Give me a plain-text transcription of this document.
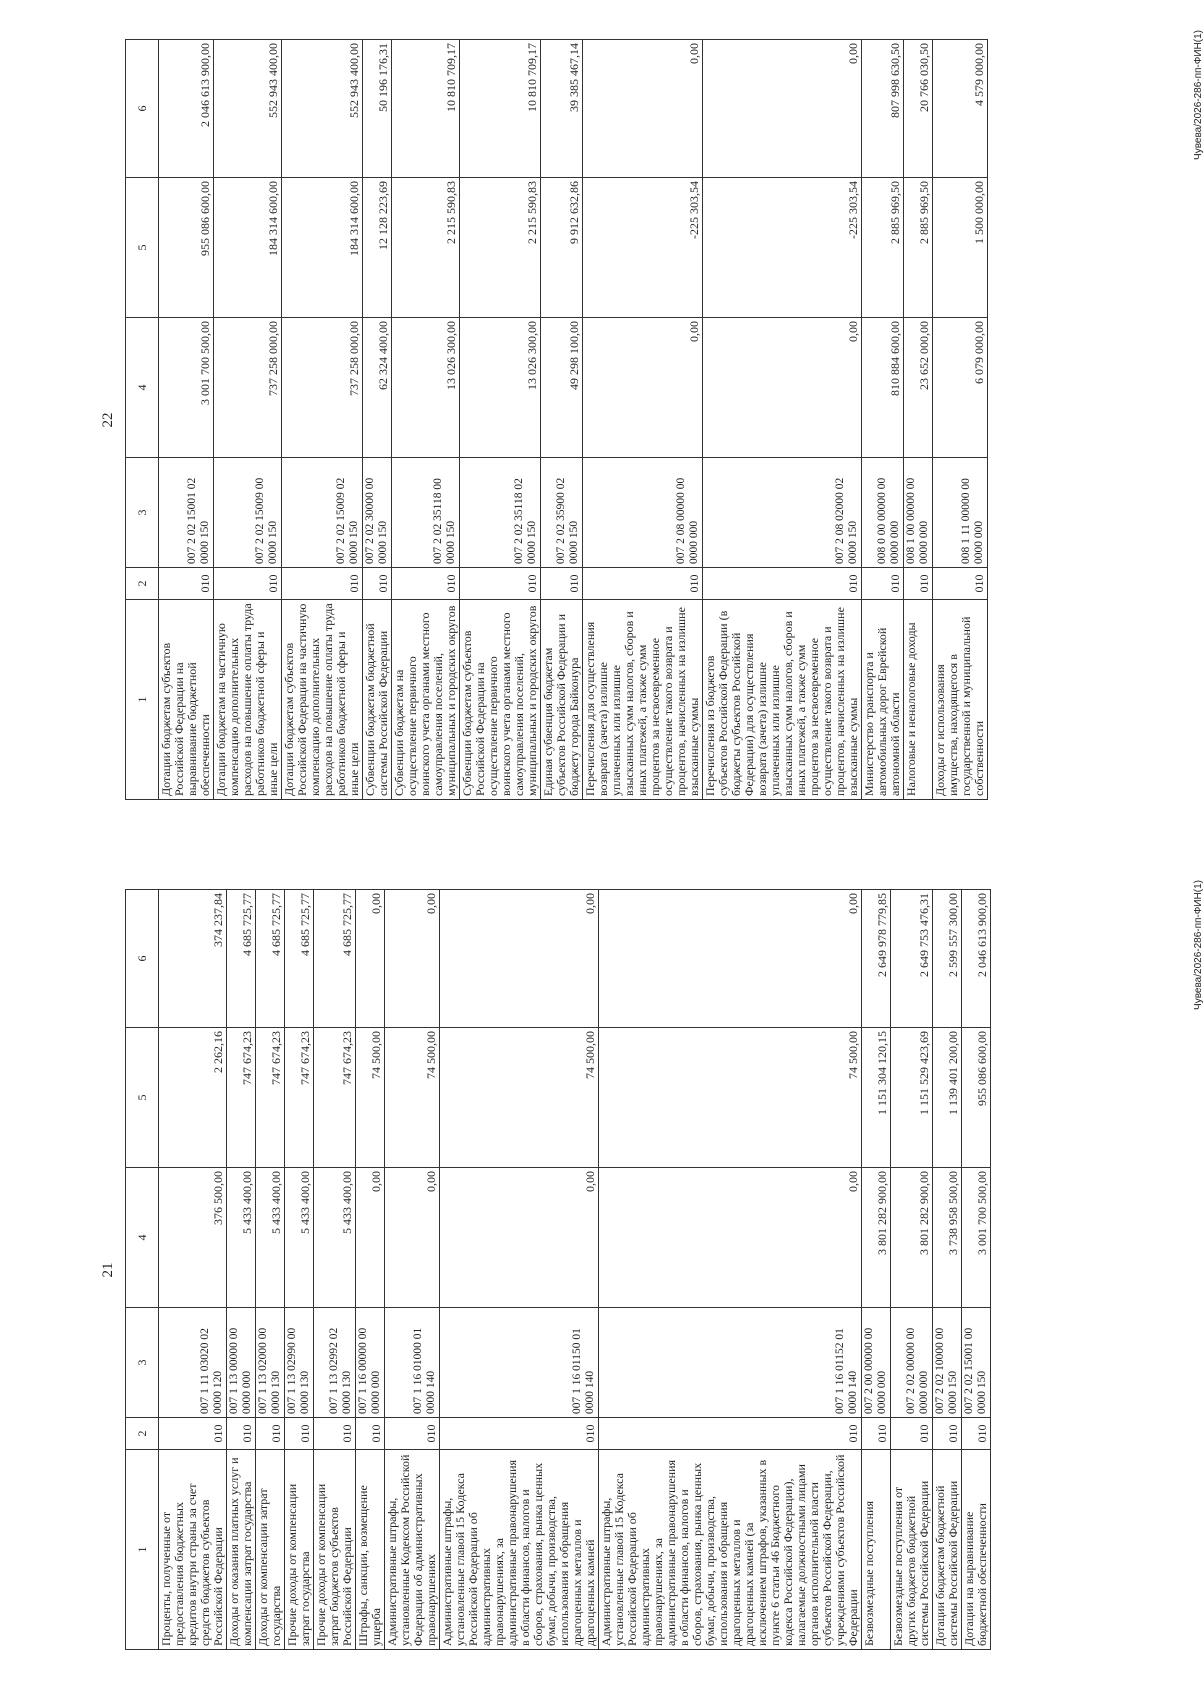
22
1	2	3	4	5	6
Дотации бюджетам субъектов Российской Федерации на выравнивание бюджетной обеспеченности	010	007 2 02 15001 02 0000 150	3 001 700 500,00	955 086 600,00	2 046 613 900,00
Дотации бюджетам на частичную компенсацию дополнительных расходов на повышение оплаты труда работников бюджетной сферы и иные цели	010	007 2 02 15009 00 0000 150	737 258 000,00	184 314 600,00	552 943 400,00
Дотации бюджетам субъектов Российской Федерации на частичную компенсацию дополнительных расходов на повышение оплаты труда работников бюджетной сферы и иные цели	010	007 2 02 15009 02 0000 150	737 258 000,00	184 314 600,00	552 943 400,00
Субвенции бюджетам бюджетной системы Российской Федерации	010	007 2 02 30000 00 0000 150	62 324 400,00	12 128 223,69	50 196 176,31
Субвенции бюджетам на осуществление первичного воинского учета органами местного самоуправления поселений, муниципальных и городских округов	010	007 2 02 35118 00 0000 150	13 026 300,00	2 215 590,83	10 810 709,17
Субвенции бюджетам субъектов Российской Федерации на осуществление первичного воинского учета органами местного самоуправления поселений, муниципальных и городских округов	010	007 2 02 35118 02 0000 150	13 026 300,00	2 215 590,83	10 810 709,17
Единая субвенция бюджетам субъектов Российской Федерации и бюджету города Байконура	010	007 2 02 35900 02 0000 150	49 298 100,00	9 912 632,86	39 385 467,14
Перечисления для осуществления возврата (зачета) излишне уплаченных или излишне взысканных сумм налогов, сборов и иных платежей, а также сумм процентов за несвоевременное осуществление такого возврата и процентов, начисленных на излишне взысканные суммы	010	007 2 08 00000 00 0000 000	0,00	-225 303,54	0,00
Перечисления из бюджетов субъектов Российской Федерации (в бюджеты субъектов Российской Федерации) для осуществления возврата (зачета) излишне уплаченных или излишне взысканных сумм налогов, сборов и иных платежей, а также сумм процентов за несвоевременное осуществление такого возврата и процентов, начисленных на излишне взысканные суммы	010	007 2 08 02000 02 0000 150	0,00	-225 303,54	0,00
Министерство транспорта и автомобильных дорог Еврейской автономной области	010	008 0 00 00000 00 0000 000	810 884 600,00	2 885 969,50	807 998 630,50
Налоговые и неналоговые доходы	010	008 1 00 00000 00 0000 000	23 652 000,00	2 885 969,50	20 766 030,50
Доходы от использования имущества, находящегося в государственной и муниципальной собственности	010	008 1 11 00000 00 0000 000	6 079 000,00	1 500 000,00	4 579 000,00	Чувева/2026-286-пп-ФИН(1)
21
1	2	3	4	5	6
Проценты, полученные от предоставления бюджетных кредитов внутри страны за счет средств бюджетов субъектов Российской Федерации	010	007 1 11 03020 02 0000 120	376 500,00	2 262,16	374 237,84
Доходы от оказания платных услуг и компенсации затрат государства	010	007 1 13 00000 00 0000 000	5 433 400,00	747 674,23	4 685 725,77
Доходы от компенсации затрат государства	010	007 1 13 02000 00 0000 130	5 433 400,00	747 674,23	4 685 725,77
Прочие доходы от компенсации затрат государства	010	007 1 13 02990 00 0000 130	5 433 400,00	747 674,23	4 685 725,77
Прочие доходы от компенсации затрат бюджетов субъектов Российской Федерации	010	007 1 13 02992 02 0000 130	5 433 400,00	747 674,23	4 685 725,77
Штрафы, санкции, возмещение ущерба	010	007 1 16 00000 00 0000 000	0,00	74 500,00	0,00
Административные штрафы, установленные Кодексом Российской Федерации об административных правонарушениях	010	007 1 16 01000 01 0000 140	0,00	74 500,00	0,00
Административные штрафы, установленные главой 15 Кодекса Российской Федерации об административных правонарушениях, за административные правонарушения в области финансов, налогов и сборов, страхования, рынка ценных бумаг, добычи, производства, использования и обращения драгоценных металлов и драгоценных камней	010	007 1 16 01150 01 0000 140	0,00	74 500,00	0,00
Административные штрафы, установленные главой 15 Кодекса Российской Федерации об административных правонарушениях, за административные правонарушения в области финансов, налогов и сборов, страхования, рынка ценных бумаг, добычи, производства, использования и обращения драгоценных металлов и драгоценных камней (за исключением штрафов, указанных в пункте 6 статьи 46 Бюджетного кодекса Российской Федерации), налагаемые должностными лицами органов исполнительной власти субъектов Российской Федерации, учреждениями субъектов Российской Федерации	010	007 1 16 01152 01 0000 140	0,00	74 500,00	0,00
Безвозмездные поступления	010	007 2 00 00000 00 0000 000	3 801 282 900,00	1 151 304 120,15	2 649 978 779,85
Безвозмездные поступления от других бюджетов бюджетной системы Российской Федерации	010	007 2 02 00000 00 0000 000	3 801 282 900,00	1 151 529 423,69	2 649 753 476,31
Дотации бюджетам бюджетной системы Российской Федерации	010	007 2 02 10000 00 0000 150	3 738 958 500,00	1 139 401 200,00	2 599 557 300,00
Дотации на выравнивание бюджетной обеспеченности	010	007 2 02 15001 00 0000 150	3 001 700 500,00	955 086 600,00	2 046 613 900,00	Чувева/2026-286-пп-ФИН(1)
